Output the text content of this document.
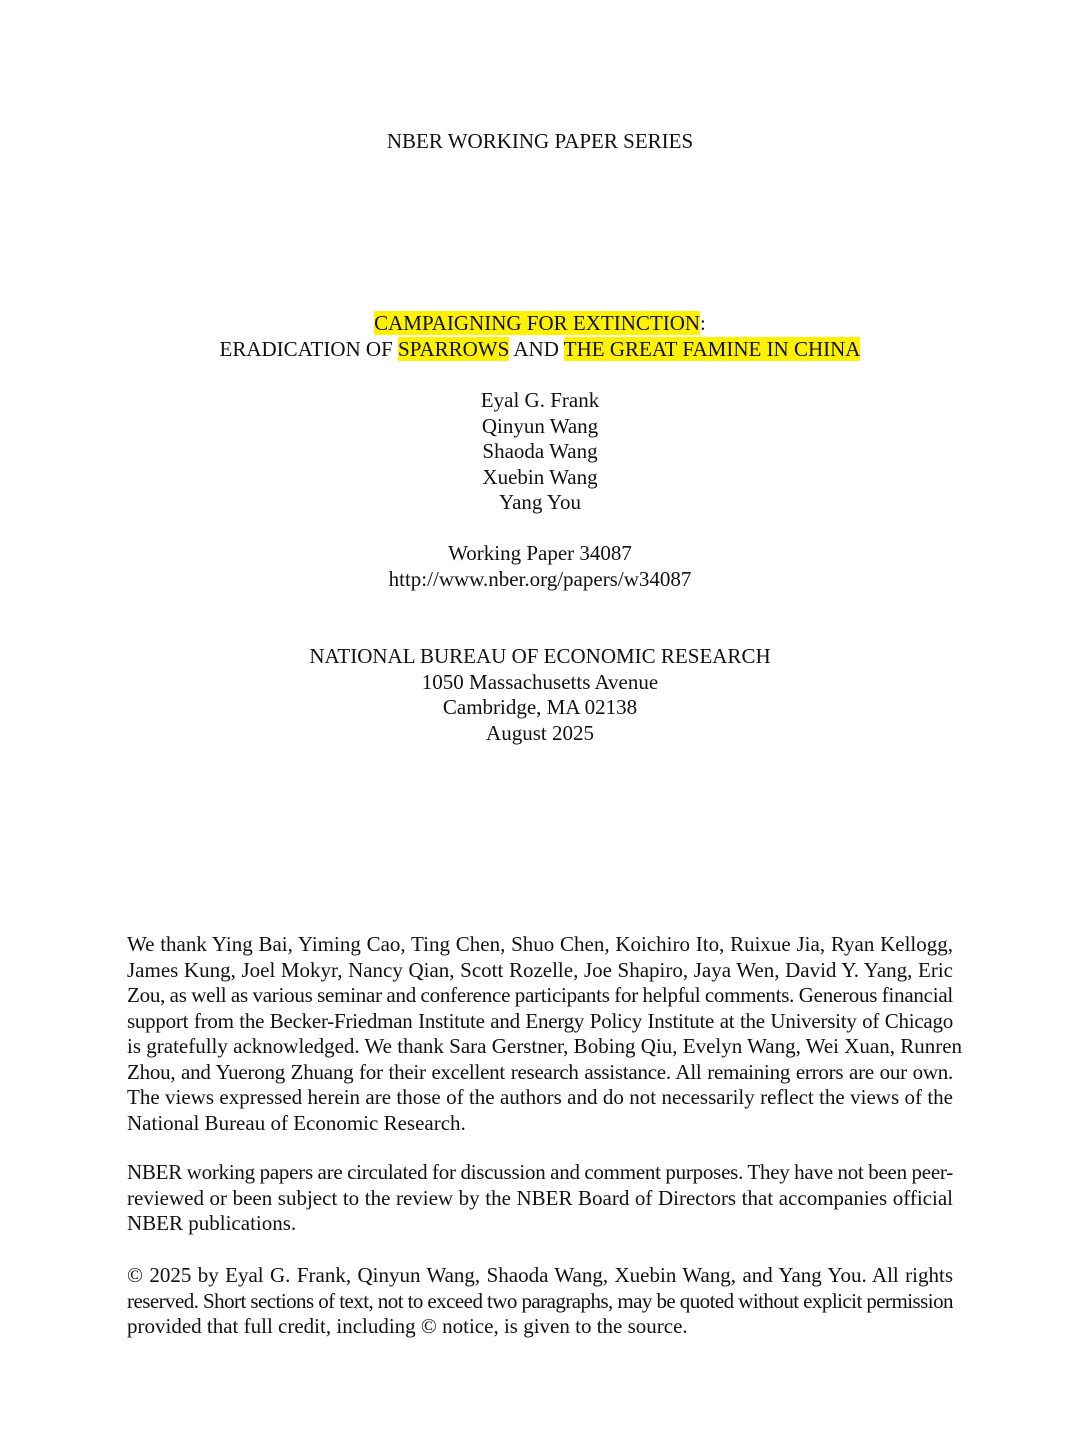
NBER WORKING PAPER SERIES
CAMPAIGNING FOR EXTINCTION:
ERADICATION OF SPARROWS AND THE GREAT FAMINE IN CHINA
Eyal G. Frank
Qinyun Wang
Shaoda Wang
Xuebin Wang
Yang You
Working Paper 34087
http://www.nber.org/papers/w34087
NATIONAL BUREAU OF ECONOMIC RESEARCH
1050 Massachusetts Avenue
Cambridge, MA 02138
August 2025
We thank Ying Bai, Yiming Cao, Ting Chen, Shuo Chen, Koichiro Ito, Ruixue Jia, Ryan Kellogg,
James Kung, Joel Mokyr, Nancy Qian, Scott Rozelle, Joe Shapiro, Jaya Wen, David Y. Yang, Eric
Zou, as well as various seminar and conference participants for helpful comments. Generous financial
support from the Becker-Friedman Institute and Energy Policy Institute at the University of Chicago
is gratefully acknowledged. We thank Sara Gerstner, Bobing Qiu, Evelyn Wang, Wei Xuan, Runren
Zhou, and Yuerong Zhuang for their excellent research assistance. All remaining errors are our own.
The views expressed herein are those of the authors and do not necessarily reflect the views of the
National Bureau of Economic Research.
NBER working papers are circulated for discussion and comment purposes. They have not been peer-
reviewed or been subject to the review by the NBER Board of Directors that accompanies official
NBER publications.
© 2025 by Eyal G. Frank, Qinyun Wang, Shaoda Wang, Xuebin Wang, and Yang You. All rights
reserved. Short sections of text, not to exceed two paragraphs, may be quoted without explicit permission
provided that full credit, including © notice, is given to the source.
